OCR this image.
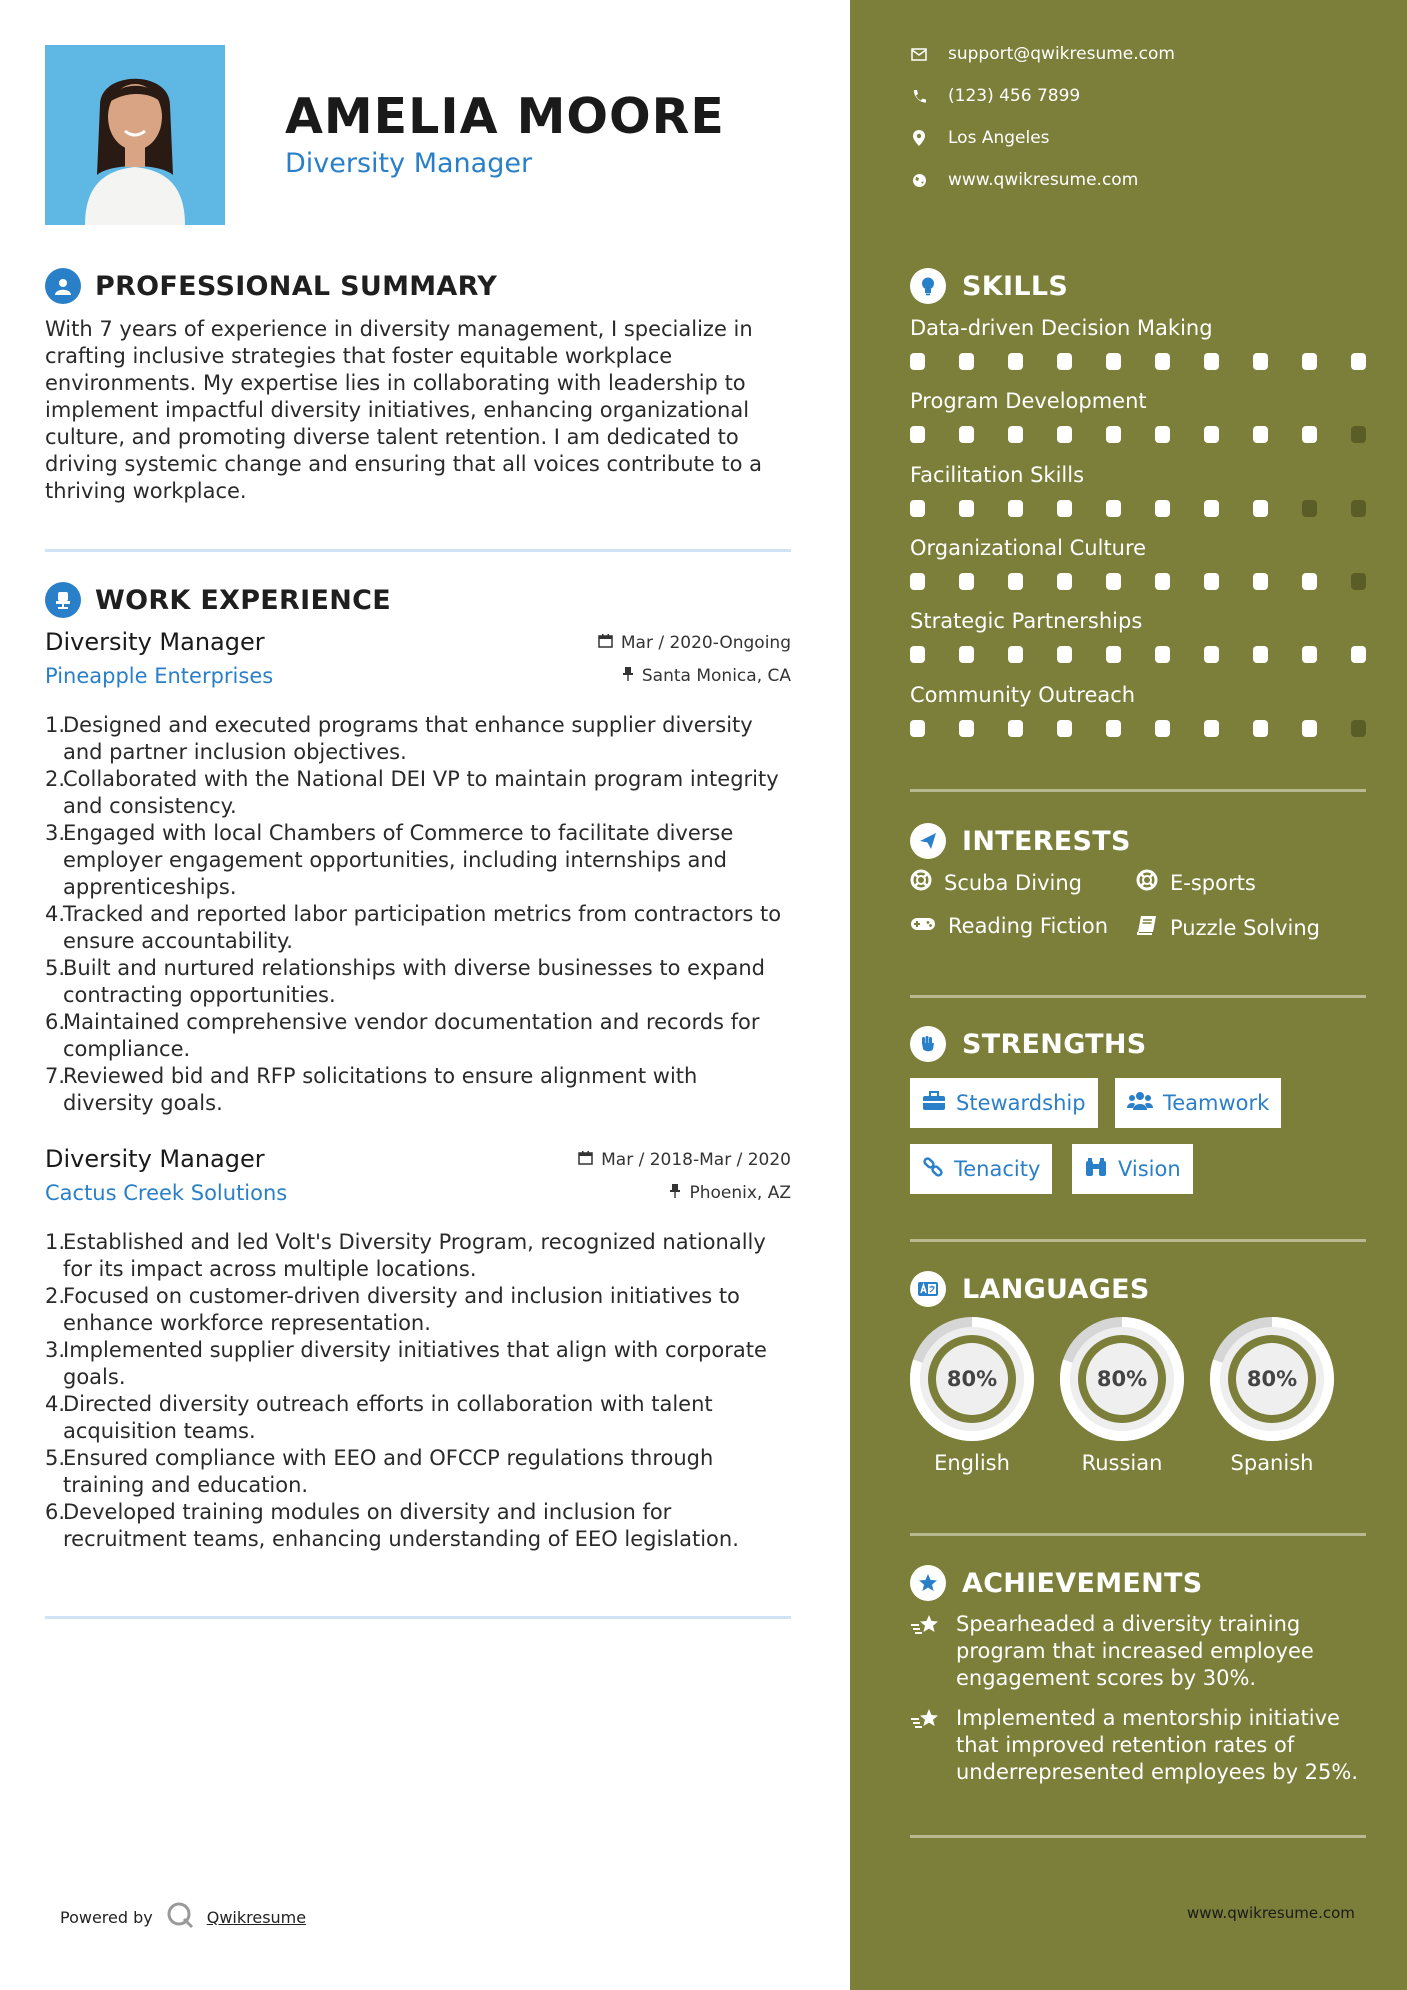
AMELIA MOORE
Diversity Manager
PROFESSIONAL SUMMARY
With 7 years of experience in diversity management, I specialize in crafting inclusive strategies that foster equitable workplace environments. My expertise lies in collaborating with leadership to implement impactful diversity initiatives, enhancing organizational culture, and promoting diverse talent retention. I am dedicated to driving systemic change and ensuring that all voices contribute to a thriving workplace.
WORK EXPERIENCE
Diversity Manager
Pineapple Enterprises
Mar / 2020-Ongoing
Santa Monica, CA
1.
Designed and executed programs that enhance supplier diversity and partner inclusion objectives.
2.
Collaborated with the National DEI VP to maintain program integrity and consistency.
3.
Engaged with local Chambers of Commerce to facilitate diverse employer engagement opportunities, including internships and apprenticeships.
4.
Tracked and reported labor participation metrics from contractors to ensure accountability.
5.
Built and nurtured relationships with diverse businesses to expand contracting opportunities.
6.
Maintained comprehensive vendor documentation and records for compliance.
7.
Reviewed bid and RFP solicitations to ensure alignment with diversity goals.
Diversity Manager
Cactus Creek Solutions
Mar / 2018-Mar / 2020
Phoenix, AZ
1.
Established and led Volt's Diversity Program, recognized nationally for its impact across multiple locations.
2.
Focused on customer-driven diversity and inclusion initiatives to enhance workforce representation.
3.
Implemented supplier diversity initiatives that align with corporate goals.
4.
Directed diversity outreach efforts in collaboration with talent acquisition teams.
5.
Ensured compliance with EEO and OFCCP regulations through training and education.
6.
Developed training modules on diversity and inclusion for recruitment teams, enhancing understanding of EEO legislation.
Powered by	Qwikresume
support@qwikresume.com
(123) 456 7899
Los Angeles
www.qwikresume.com
SKILLS
Data-driven Decision Making
Program Development
Facilitation Skills
Organizational Culture
Strategic Partnerships
Community Outreach
INTERESTS
Scuba Diving	E-sports
Reading Fiction	Puzzle Solving
STRENGTHS
Stewardship	Teamwork
Tenacity	Vision
LANGUAGES
80%
English
80%
Russian
80%
Spanish
ACHIEVEMENTS
Spearheaded a diversity training program that increased employee engagement scores by 30%.
Implemented a mentorship initiative that improved retention rates of underrepresented employees by 25%.
www.qwikresume.com
